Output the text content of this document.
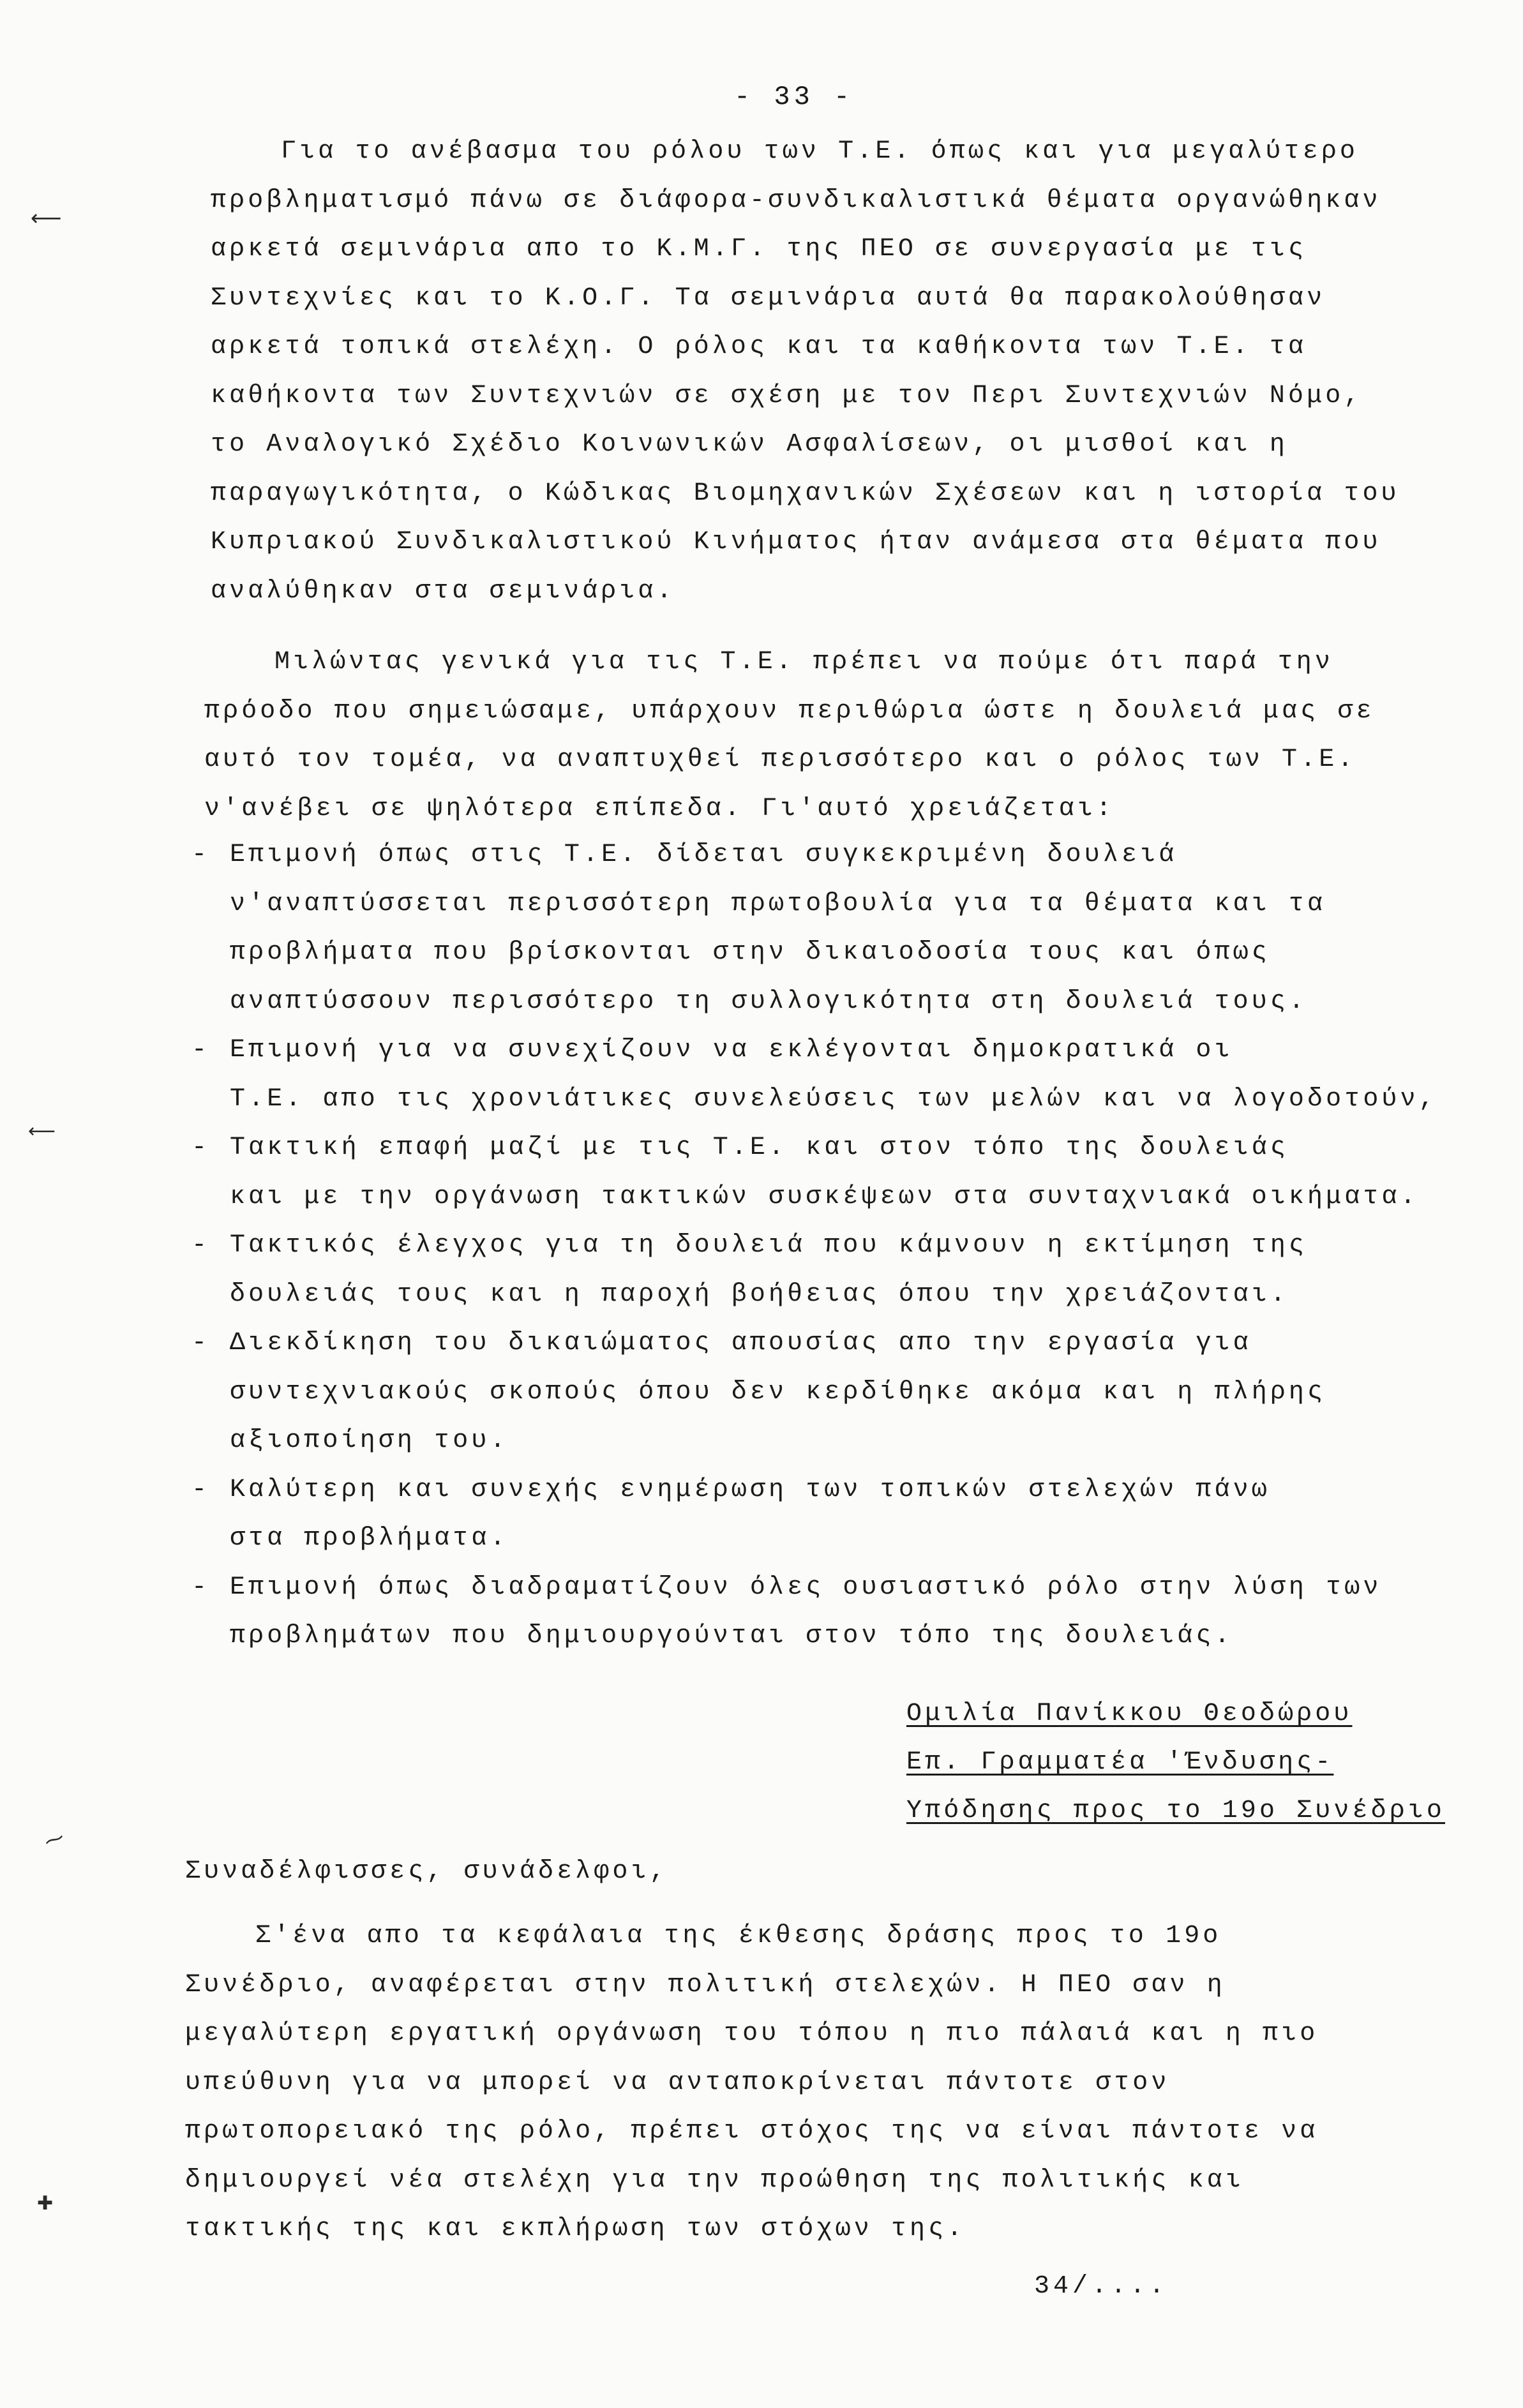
- 33 -

Για το ανέβασμα του ρόλου των Τ.Ε. όπως και για μεγαλύτερο
προβληματισμό πάνω σε διάφορα-συνδικαλιστικά θέματα οργανώθηκαν
αρκετά σεμινάρια απο το Κ.Μ.Γ. της ΠΕΟ σε συνεργασία με τις
Συντεχνίες και το Κ.Ο.Γ. Τα σεμινάρια αυτά θα παρακολούθησαν
αρκετά τοπικά στελέχη. Ο ρόλος και τα καθήκοντα των Τ.Ε. τα
καθήκοντα των Συντεχνιών σε σχέση με τον Περι Συντεχνιών Νόμο,
το Αναλογικό Σχέδιο Κοινωνικών Ασφαλίσεων, οι μισθοί και η
παραγωγικότητα, ο Κώδικας Βιομηχανικών Σχέσεων και η ιστορία του
Κυπριακού Συνδικαλιστικού Κινήματος ήταν ανάμεσα στα θέματα που
αναλύθηκαν στα σεμινάρια.

Μιλώντας γενικά για τις Τ.Ε. πρέπει να πούμε ότι παρά την
πρόοδο που σημειώσαμε, υπάρχουν περιθώρια ώστε η δουλειά μας σε
αυτό τον τομέα, να αναπτυχθεί περισσότερο και ο ρόλος των Τ.Ε.
ν'ανέβει σε ψηλότερα επίπεδα. Γι'αυτό χρειάζεται:

- Επιμονή όπως στις Τ.Ε. δίδεται συγκεκριμένη δουλειά
ν'αναπτύσσεται περισσότερη πρωτοβουλία για τα θέματα και τα
προβλήματα που βρίσκονται στην δικαιοδοσία τους και όπως
αναπτύσσουν περισσότερο τη συλλογικότητα στη δουλειά τους.
- Επιμονή για να συνεχίζουν να εκλέγονται δημοκρατικά οι
Τ.Ε. απο τις χρονιάτικες συνελεύσεις των μελών και να λογοδοτούν,
- Τακτική επαφή μαζί με τις Τ.Ε. και στον τόπο της δουλειάς
και με την οργάνωση τακτικών συσκέψεων στα συνταχνιακά οικήματα.
- Τακτικός έλεγχος για τη δουλειά που κάμνουν η εκτίμηση της
δουλειάς τους και η παροχή βοήθειας όπου την χρειάζονται.
- Διεκδίκηση του δικαιώματος απουσίας απο την εργασία για
συντεχνιακούς σκοπούς όπου δεν κερδίθηκε ακόμα και η πλήρης
αξιοποίηση του.
- Καλύτερη και συνεχής ενημέρωση των τοπικών στελεχών πάνω
στα προβλήματα.
- Επιμονή όπως διαδραματίζουν όλες ουσιαστικό ρόλο στην λύση των
προβλημάτων που δημιουργούνται στον τόπο της δουλειάς.
Ομιλία Πανίκκου Θεοδώρου
Επ. Γραμματέα 'Ένδυσης-
Υπόδησης προς το 19ο Συνέδριο
Συναδέλφισσες, συνάδελφοι,

Σ'ένα απο τα κεφάλαια της έκθεσης δράσης προς το 19ο
Συνέδριο, αναφέρεται στην πολιτική στελεχών. Η ΠΕΟ σαν η
μεγαλύτερη εργατική οργάνωση του τόπου η πιο πάλαιά και η πιο
υπεύθυνη για να μπορεί να ανταποκρίνεται πάντοτε στον
πρωτοπορειακό της ρόλο, πρέπει στόχος της να είναι πάντοτε να
δημιουργεί νέα στελέχη για την προώθηση της πολιτικής και
τακτικής της και εκπλήρωση των στόχων της.

34/....
⟵
⟵
✚
⁓
